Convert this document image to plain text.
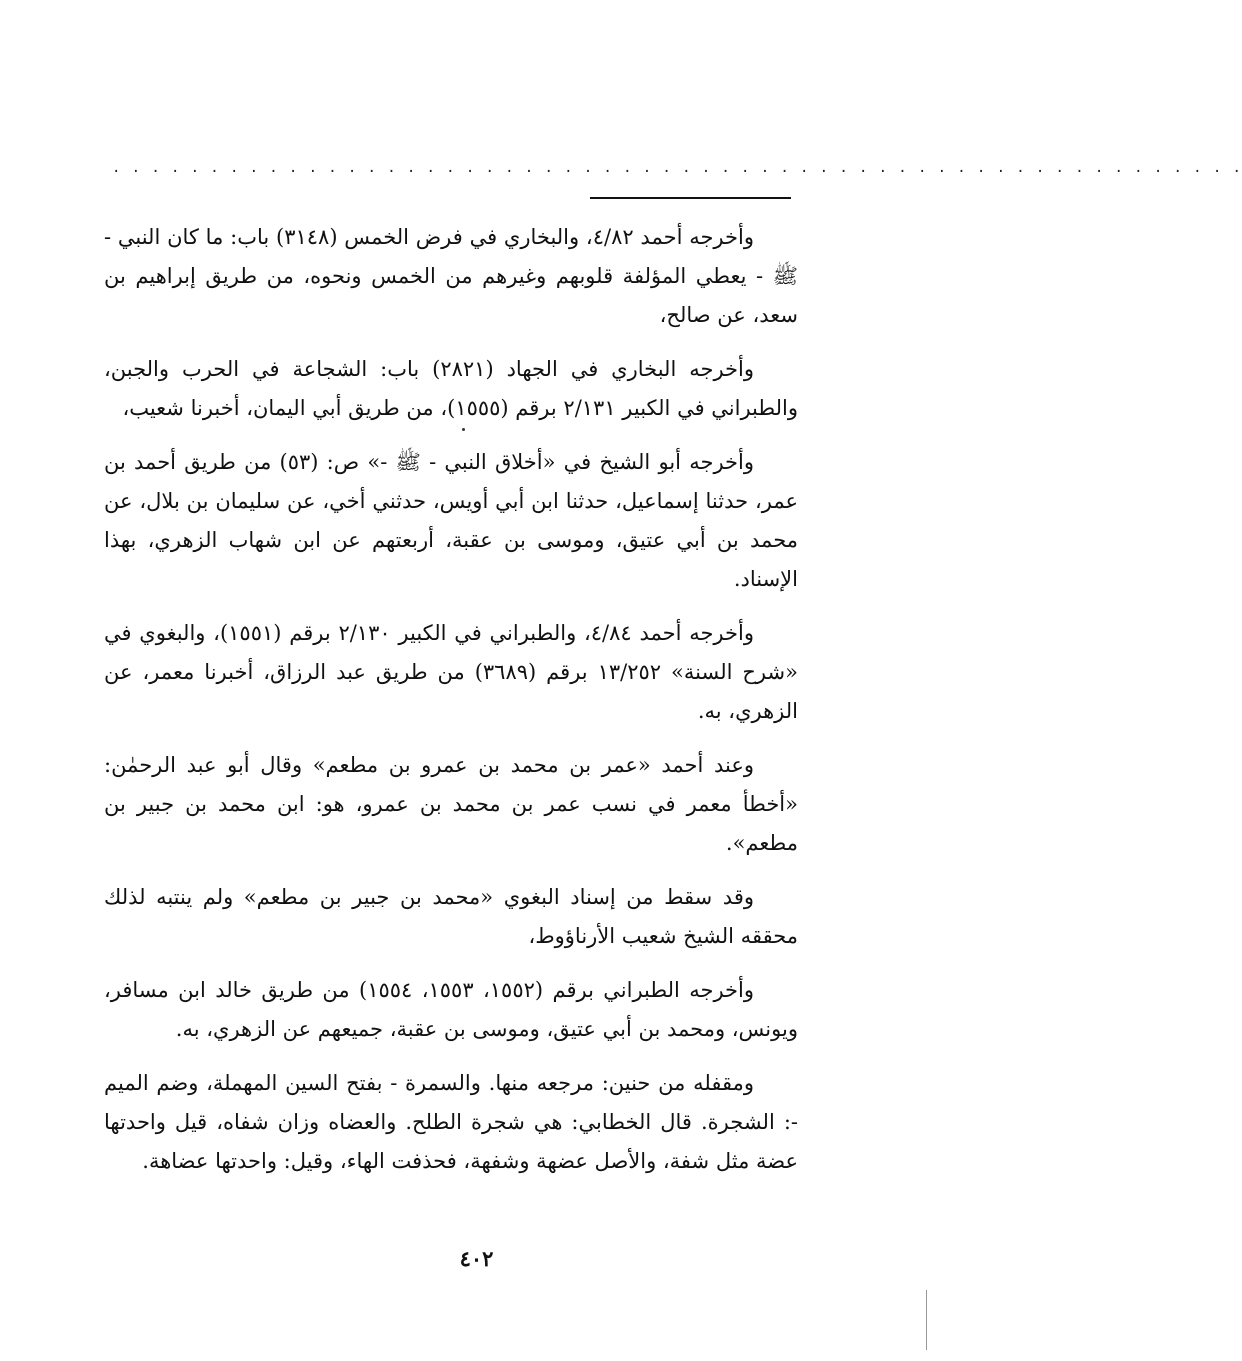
. . . . . . . . . . . . . . . . . . . . . . . . . . . . . . . . . . . . . . . . . . . . . . . . . . . . . . . . . .

وأخرجه أحمد ٤/٨٢، والبخاري في فرض الخمس (٣١٤٨) باب: ما كان النبي - ﷺ - يعطي المؤلفة قلوبهم وغيرهم من الخمس ونحوه، من طريق إبراهيم بن سعد، عن صالح،

وأخرجه البخاري في الجهاد (٢٨٢١) باب: الشجاعة في الحرب والجبن، والطبراني في الكبير ٢/١٣١ برقم (١٥٥٥)، من طريق أبي اليمان، أخبرنا شعيب،

وأخرجه أبو الشيخ في «أخلاق النبي - ﷺ -» ص: (٥٣) من طريق أحمد بن عمر، حدثنا إسماعيل، حدثنا ابن أبي أويس، حدثني أخي، عن سليمان بن بلال، عن محمد بن أبي عتيق، وموسى بن عقبة، أربعتهم عن ابن شهاب الزهري، بهذا الإسناد.

وأخرجه أحمد ٤/٨٤، والطبراني في الكبير ٢/١٣٠ برقم (١٥٥١)، والبغوي في «شرح السنة» ١٣/٢٥٢ برقم (٣٦٨٩) من طريق عبد الرزاق، أخبرنا معمر، عن الزهري، به.

وعند أحمد «عمر بن محمد بن عمرو بن مطعم» وقال أبو عبد الرحمٰن: «أخطأ معمر في نسب عمر بن محمد بن عمرو، هو: ابن محمد بن جبير بن مطعم».

وقد سقط من إسناد البغوي «محمد بن جبير بن مطعم» ولم ينتبه لذلك محققه الشيخ شعيب الأرناؤوط،

وأخرجه الطبراني برقم (١٥٥٢، ١٥٥٣، ١٥٥٤) من طريق خالد ابن مسافر، ويونس، ومحمد بن أبي عتيق، وموسى بن عقبة، جميعهم عن الزهري، به.

ومقفله من حنين: مرجعه منها. والسمرة - بفتح السين المهملة، وضم الميم -: الشجرة. قال الخطابي: هي شجرة الطلح. والعضاه وزان شفاه، قيل واحدتها عضة مثل شفة، والأصل عضهة وشفهة، فحذفت الهاء، وقيل: واحدتها عضاهة.

٤٠٢
